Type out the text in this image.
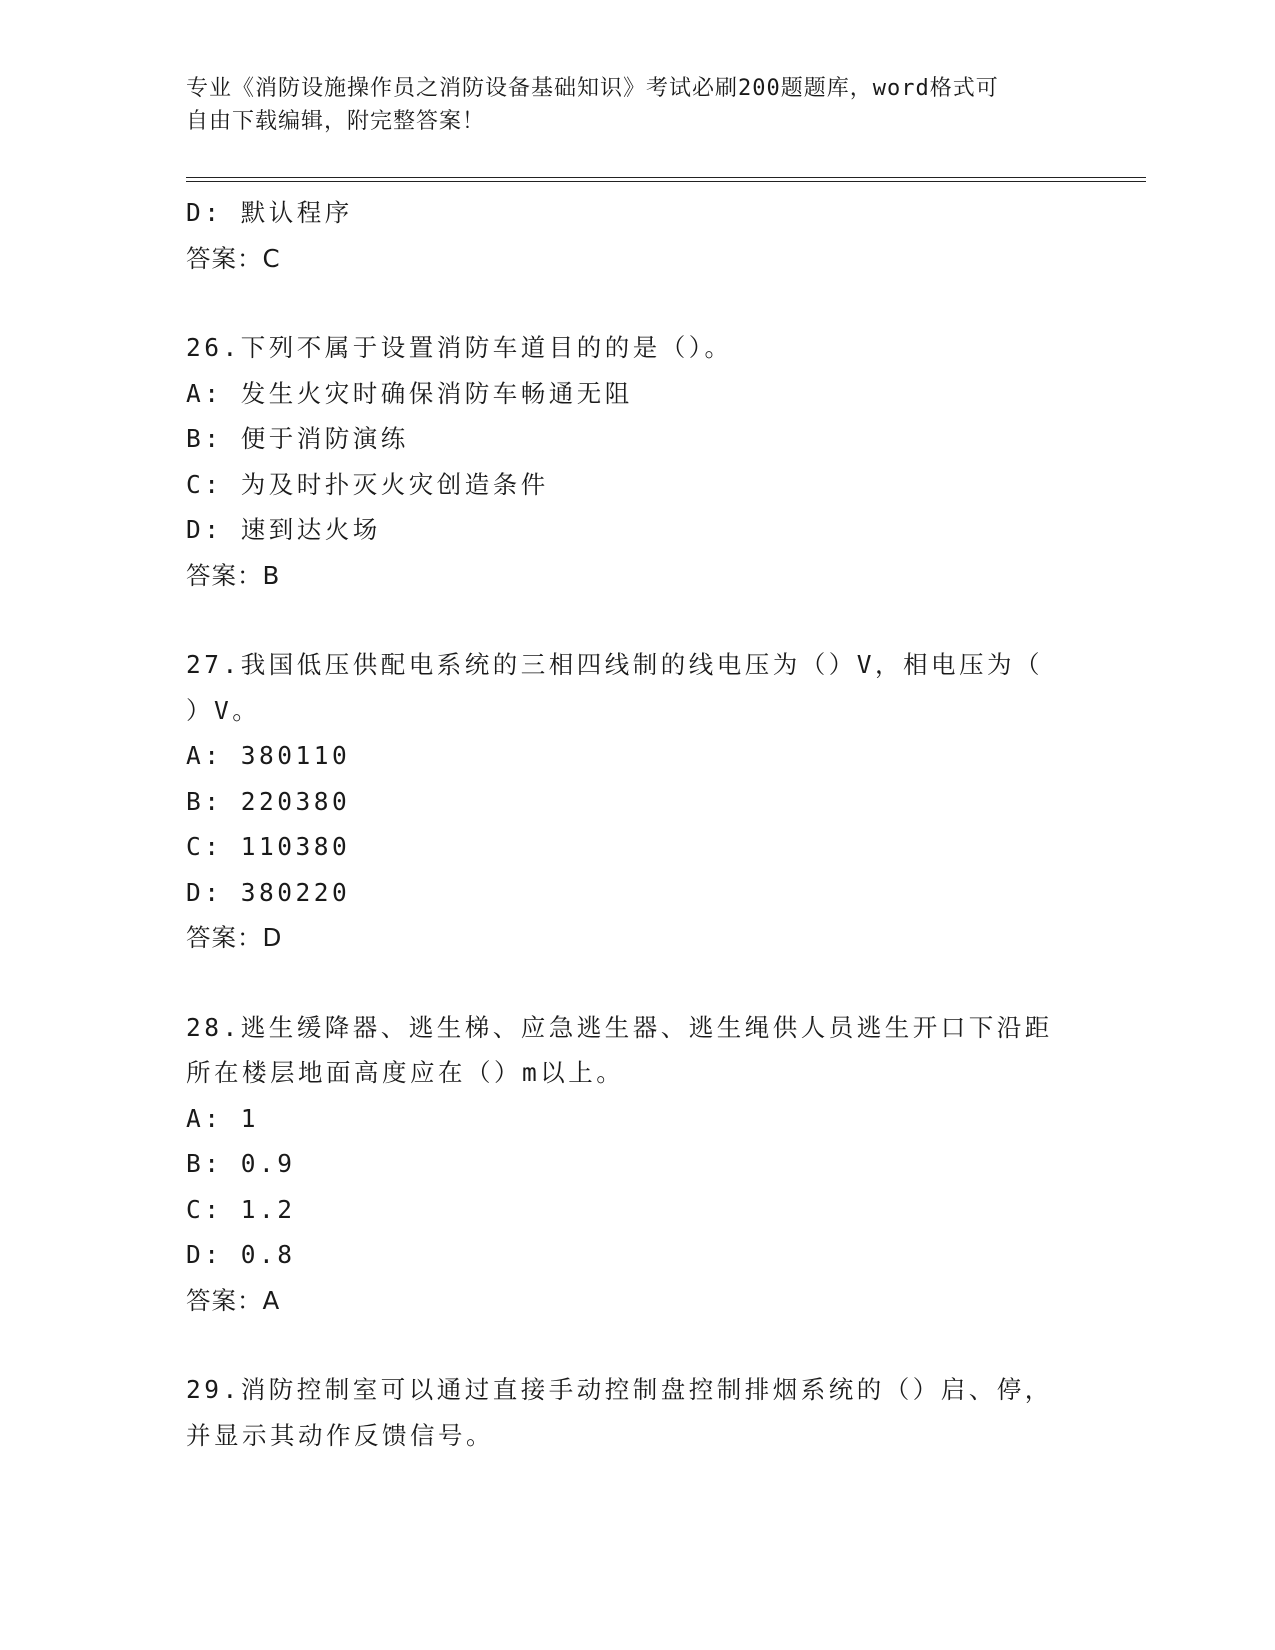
专业《消防设施操作员之消防设备基础知识》考试必刷200题题库，word格式可
自由下载编辑，附完整答案！
D: 默认程序
答案：C
26.下列不属于设置消防车道目的的是（）。
A: 发生火灾时确保消防车畅通无阻
B: 便于消防演练
C: 为及时扑灭火灾创造条件
D: 速到达火场
答案：B
27.我国低压供配电系统的三相四线制的线电压为（）V，相电压为（
）V。
A: 380110
B: 220380
C: 110380
D: 380220
答案：D
28.逃生缓降器、逃生梯、应急逃生器、逃生绳供人员逃生开口下沿距
所在楼层地面高度应在（）m以上。
A: 1
B: 0.9
C: 1.2
D: 0.8
答案：A
29.消防控制室可以通过直接手动控制盘控制排烟系统的（）启、停，
并显示其动作反馈信号。
